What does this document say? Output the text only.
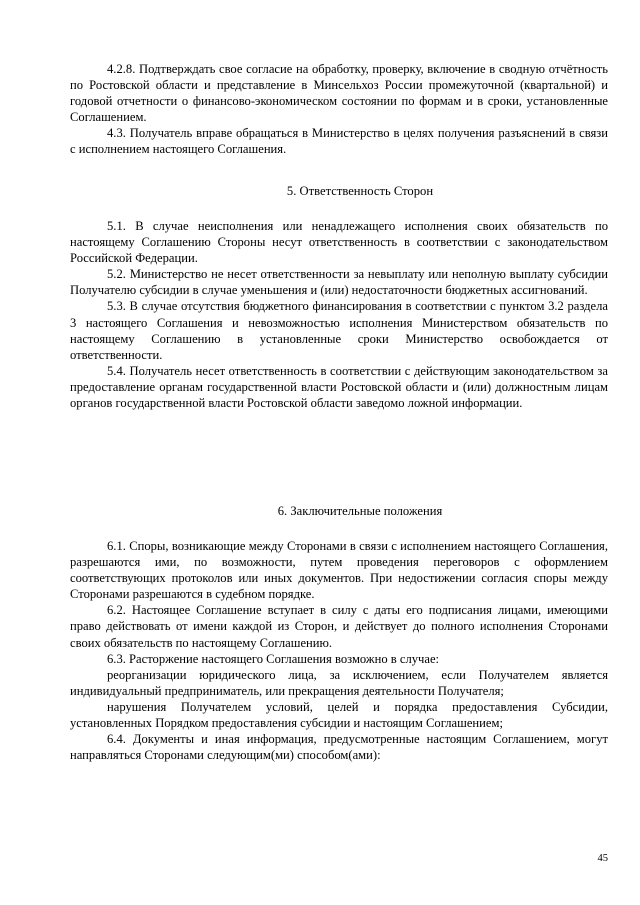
4.2.8. Подтверждать свое согласие на обработку, проверку, включение в сводную отчётность по Ростовской области и представление в Минсельхоз России промежуточной (квартальной) и годовой отчетности о финансово-экономическом состоянии по формам и в сроки, установленные Соглашением.

4.3. Получатель вправе обращаться в Министерство в целях получения разъяснений в связи с исполнением настоящего Соглашения.

5. Ответственность Сторон

5.1. В случае неисполнения или ненадлежащего исполнения своих обязательств по настоящему Соглашению Стороны несут ответственность в соответствии с законодательством Российской Федерации.

5.2. Министерство не несет ответственности за невыплату или неполную выплату субсидии Получателю субсидии в случае уменьшения и (или) недостаточности бюджетных ассигнований.

5.3. В случае отсутствия бюджетного финансирования в соответствии с пунктом 3.2 раздела 3 настоящего Соглашения и невозможностью исполнения Министерством обязательств по настоящему Соглашению в установленные сроки Министерство освобождается от ответственности.

5.4. Получатель несет ответственность в соответствии с действующим законодательством за предоставление органам государственной власти Ростовской области и (или) должностным лицам органов государственной власти Ростовской области заведомо ложной информации.

6. Заключительные положения

6.1. Споры, возникающие между Сторонами в связи с исполнением настоящего Соглашения, разрешаются ими, по возможности, путем проведения переговоров с оформлением соответствующих протоколов или иных документов. При недостижении согласия споры между Сторонами разрешаются в судебном порядке.

6.2. Настоящее Соглашение вступает в силу с даты его подписания лицами, имеющими право действовать от имени каждой из Сторон, и действует до полного исполнения Сторонами своих обязательств по настоящему Соглашению.

6.3. Расторжение настоящего Соглашения возможно в случае:

реорганизации юридического лица, за исключением, если Получателем является индивидуальный предприниматель, или прекращения деятельности Получателя;

нарушения Получателем условий, целей и порядка предоставления Субсидии, установленных Порядком предоставления субсидии и настоящим Соглашением;

6.4. Документы и иная информация, предусмотренные настоящим Соглашением, могут направляться Сторонами следующим(ми) способом(ами):

45
